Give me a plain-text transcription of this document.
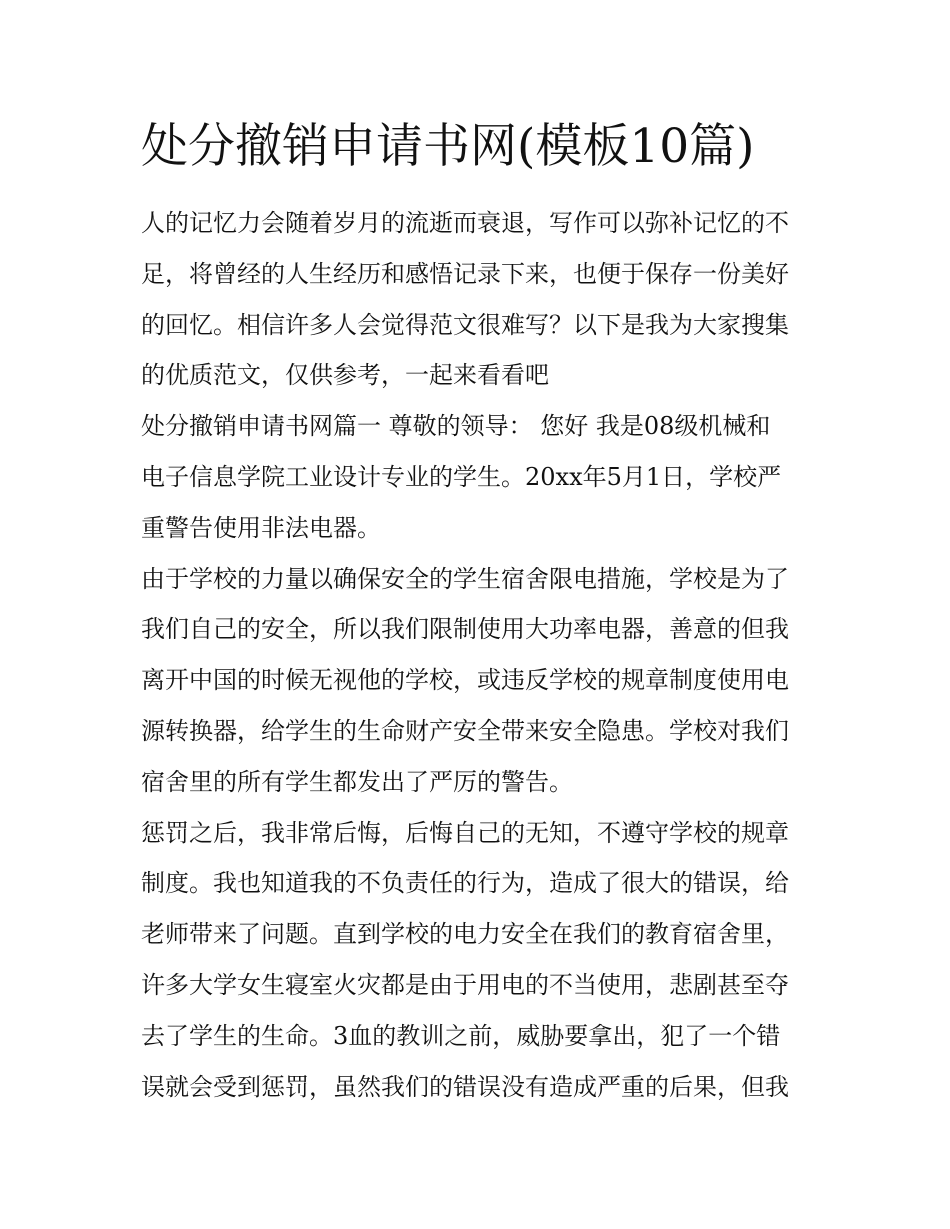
处分撤销申请书网(模板10篇)
人的记忆力会随着岁月的流逝而衰退，写作可以弥补记忆的不
足，将曾经的人生经历和感悟记录下来，也便于保存一份美好
的回忆。相信许多人会觉得范文很难写？以下是我为大家搜集
的优质范文，仅供参考，一起来看看吧
处分撤销申请书网篇一 尊敬的领导： 您好 我是08级机械和
电子信息学院工业设计专业的学生。20xx年5月1日，学校严
重警告使用非法电器。
由于学校的力量以确保安全的学生宿舍限电措施，学校是为了
我们自己的安全，所以我们限制使用大功率电器，善意的但我
离开中国的时候无视他的学校，或违反学校的规章制度使用电
源转换器，给学生的生命财产安全带来安全隐患。学校对我们
宿舍里的所有学生都发出了严厉的警告。
惩罚之后，我非常后悔，后悔自己的无知，不遵守学校的规章
制度。我也知道我的不负责任的行为，造成了很大的错误，给
老师带来了问题。直到学校的电力安全在我们的教育宿舍里，
许多大学女生寝室火灾都是由于用电的不当使用，悲剧甚至夺
去了学生的生命。3血的教训之前，威胁要拿出，犯了一个错
误就会受到惩罚，虽然我们的错误没有造成严重的后果，但我
